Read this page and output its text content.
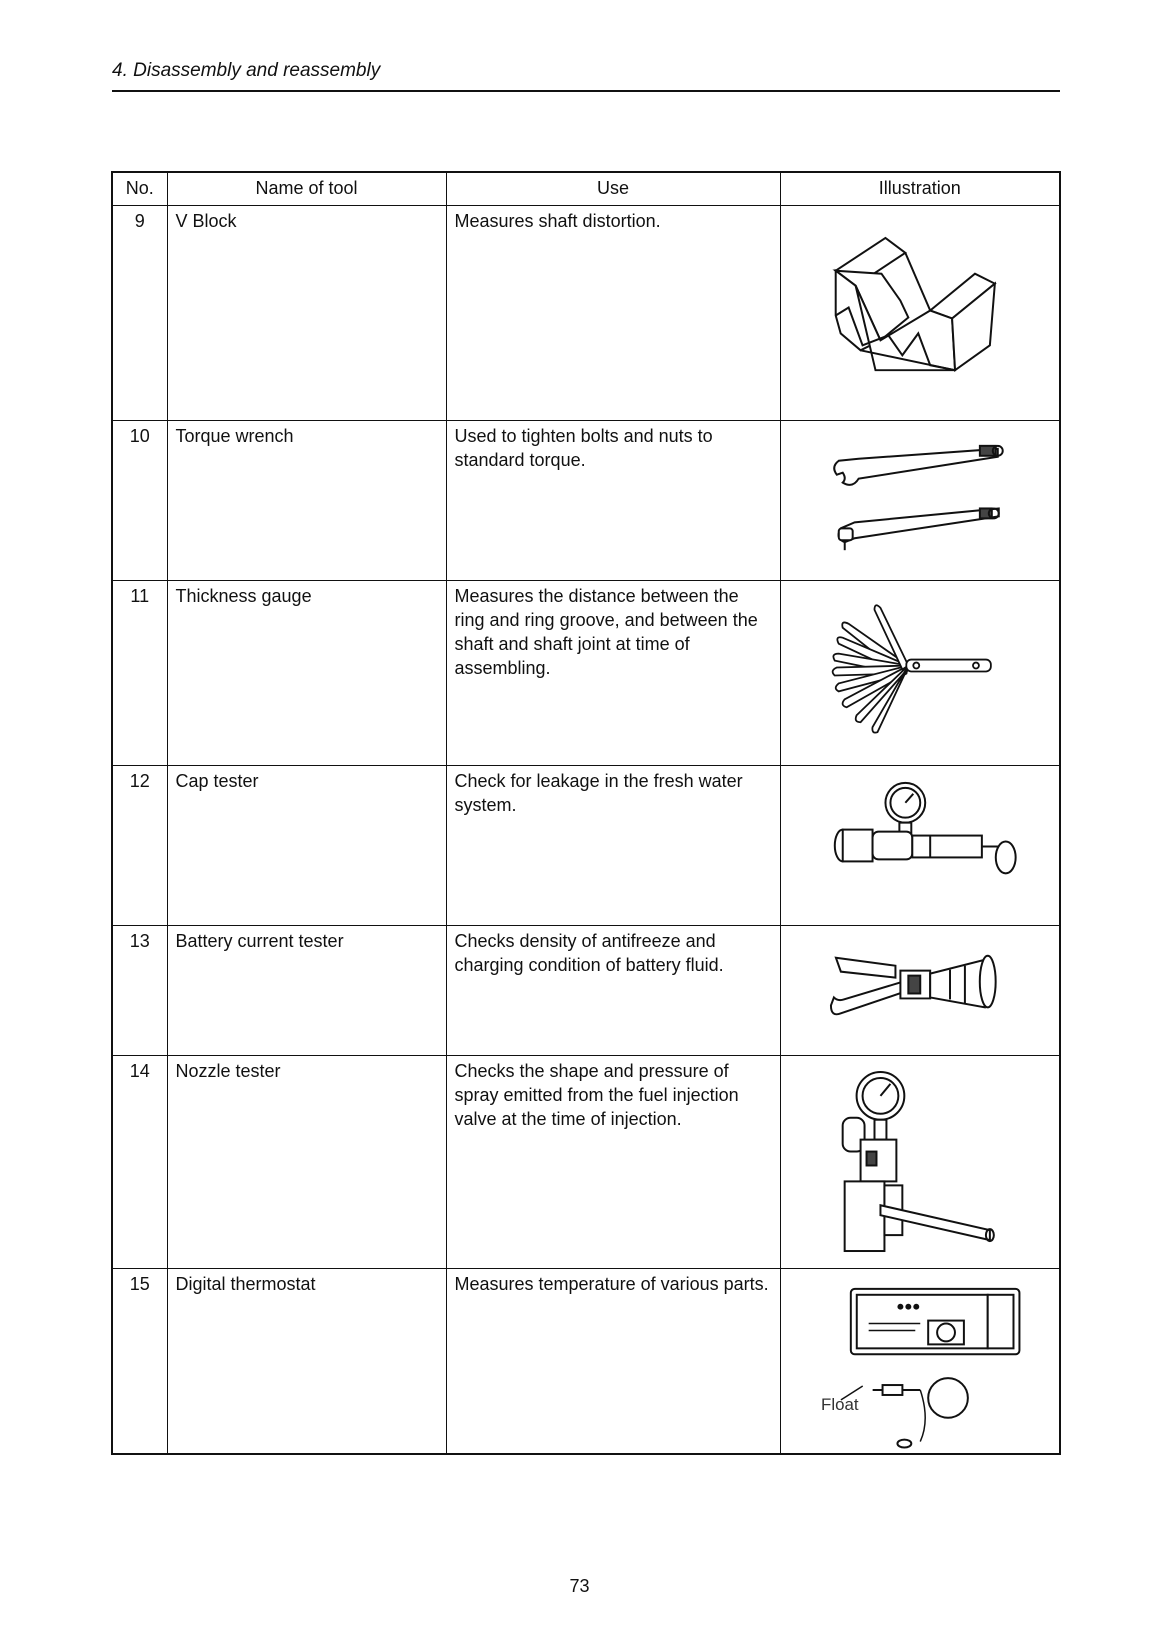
4. Disassembly and reassembly
No.	Name of tool	Use	Illustration
9	V Block	Measures shaft distortion.	

10	Torque wrench	Used to tighten bolts and nuts to standard torque.	

11	Thickness gauge	Measures the distance between the ring and ring groove, and between the shaft and shaft joint at time of assembling.	

12	Cap tester	Check for leakage in the fresh water system.	

13	Battery current tester	Checks density of antifreeze and charging condition of battery fluid.	

14	Nozzle tester	Checks the shape and pressure of spray emitted from the fuel injection valve at the time of injection.	

15	Digital thermostat	Measures temperature of various parts.	Float
73
